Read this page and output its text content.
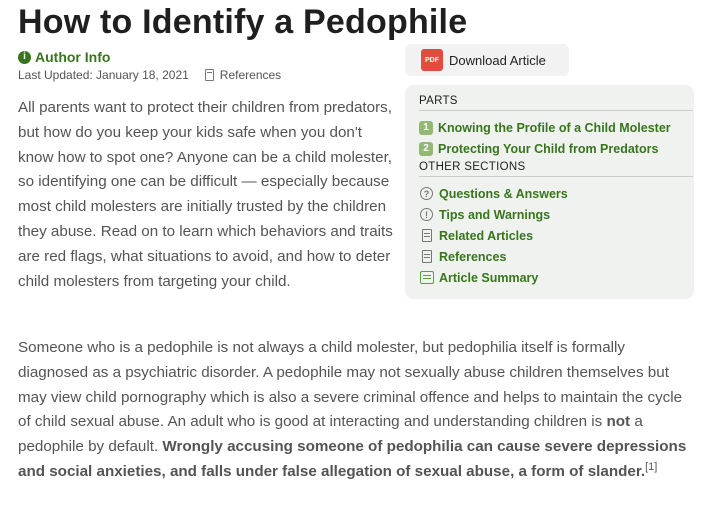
How to Identify a Pedophile
i Author Info
Last Updated: January 18, 2021	References

All parents want to protect their children from predators, but how do you keep your kids safe when you don't know how to spot one? Anyone can be a child molester, so identifying one can be difficult — especially because most child molesters are initially trusted by the children they abuse. Read on to learn which behaviors and traits are red flags, what situations to avoid, and how to deter child molesters from targeting your child.

PDF Download Article
PARTS
1 Knowing the Profile of a Child Molester
2 Protecting Your Child from Predators
OTHER SECTIONS
? Questions & Answers
! Tips and Warnings
Related Articles
References
Article Summary

Someone who is a pedophile is not always a child molester, but pedophilia itself is formally diagnosed as a psychiatric disorder. A pedophile may not sexually abuse children themselves but may view child pornography which is also a severe criminal offence and helps to maintain the cycle of child sexual abuse. An adult who is good at interacting and understanding children is not a pedophile by default. Wrongly accusing someone of pedophilia can cause severe depressions and social anxieties, and falls under false allegation of sexual abuse, a form of slander.[1]
